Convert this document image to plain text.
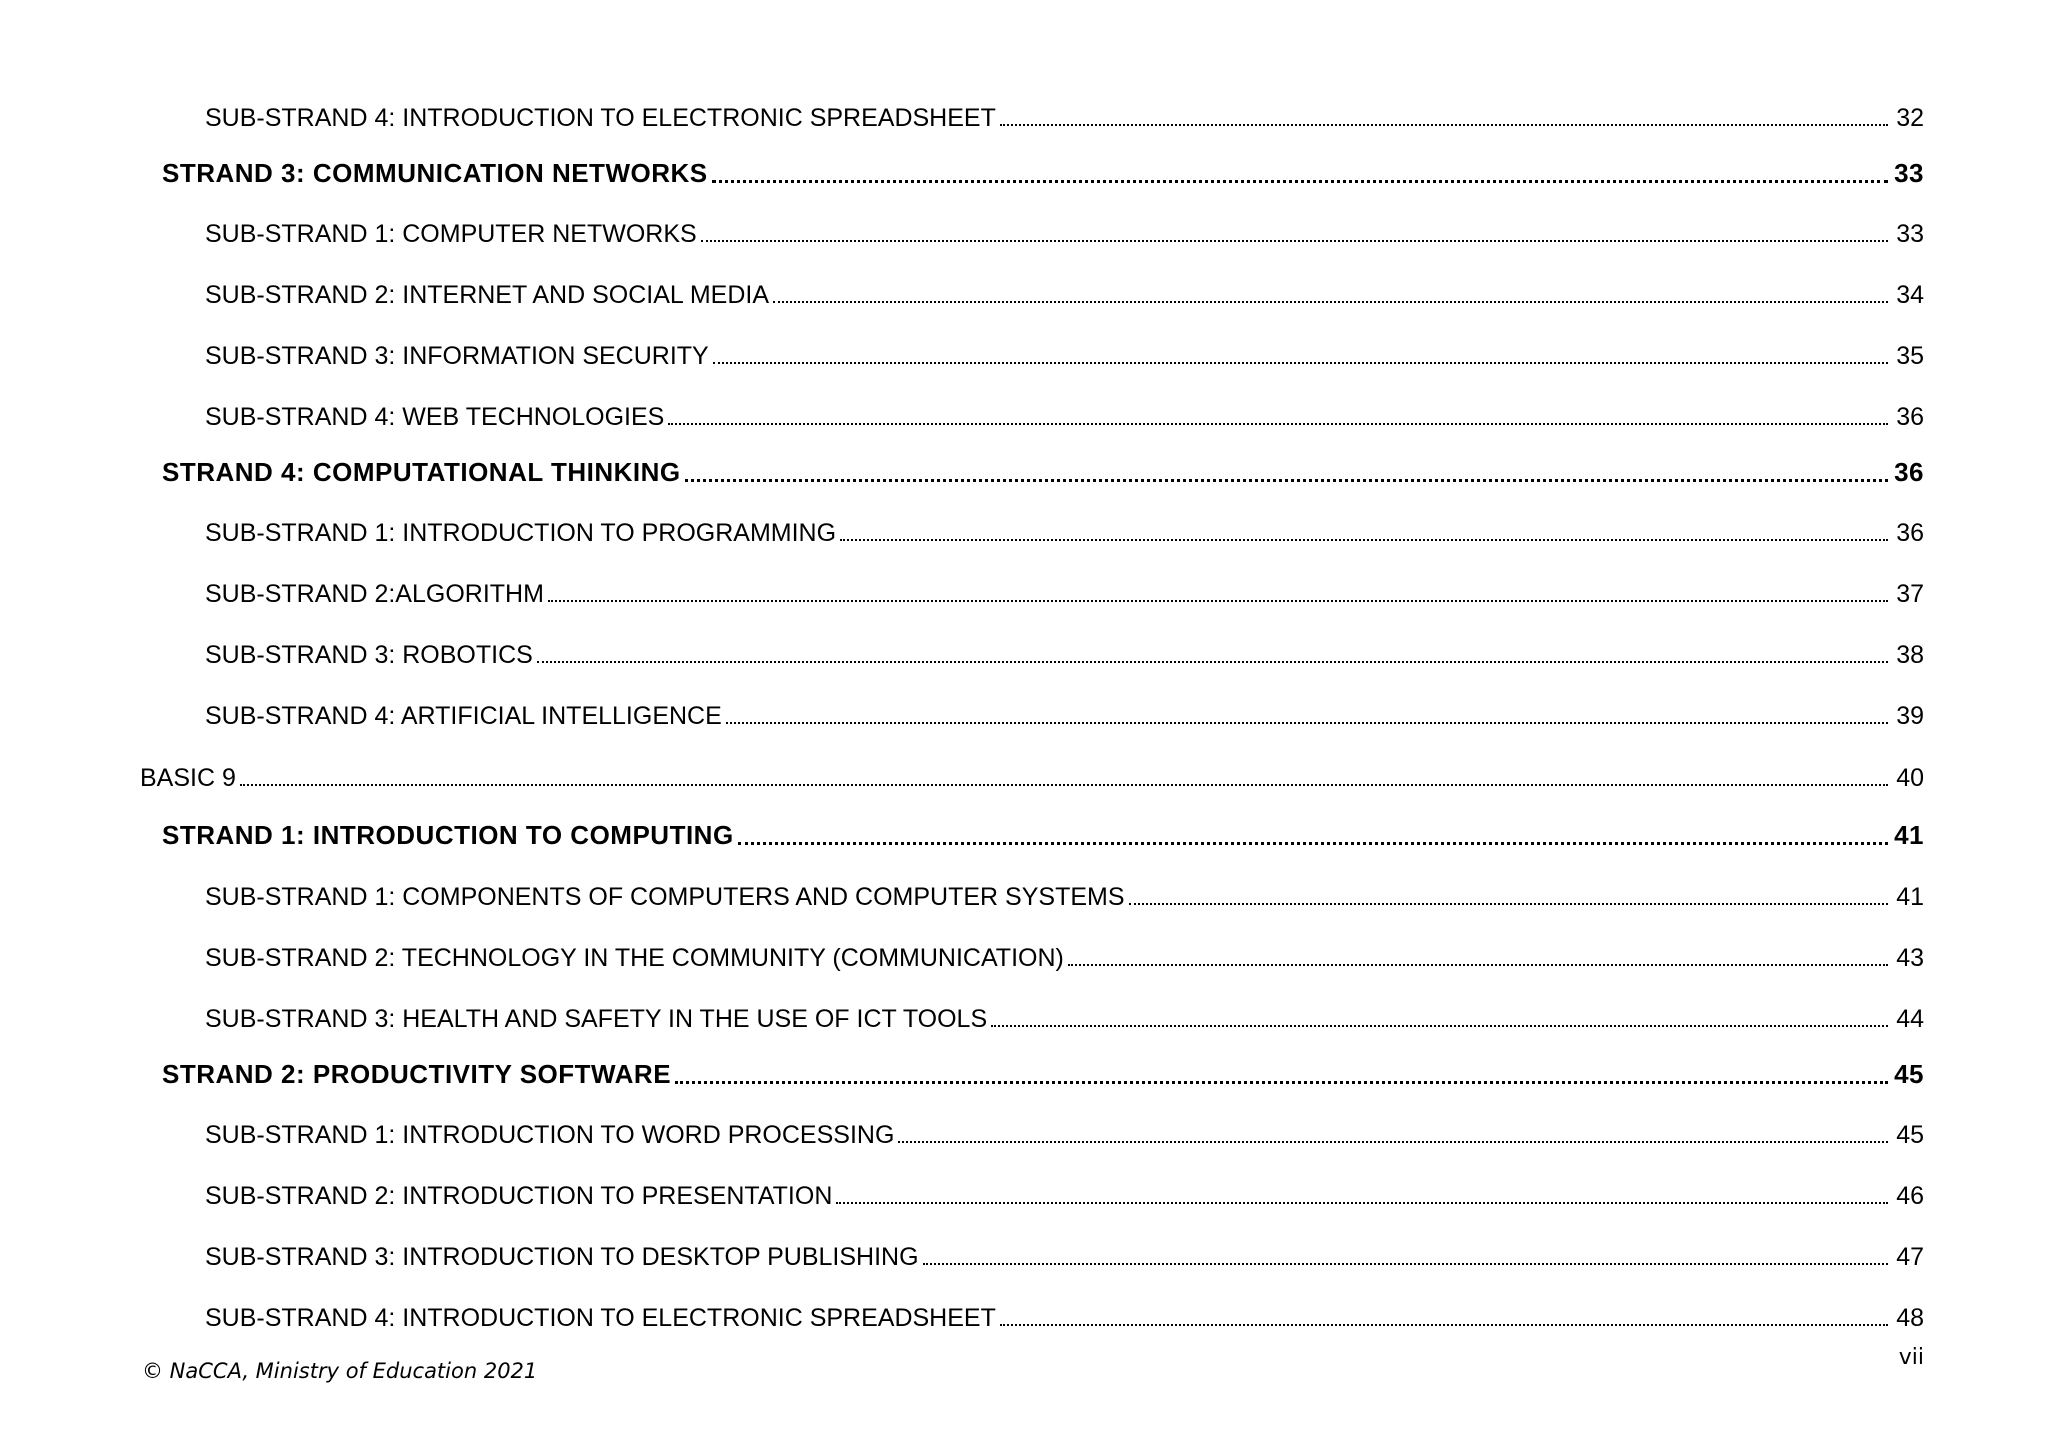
SUB-STRAND 4: INTRODUCTION TO ELECTRONIC SPREADSHEET	32
STRAND 3: COMMUNICATION NETWORKS	33
SUB-STRAND 1: COMPUTER NETWORKS	33
SUB-STRAND 2: INTERNET AND SOCIAL MEDIA	34
SUB-STRAND 3: INFORMATION SECURITY	35
SUB-STRAND 4: WEB TECHNOLOGIES	36
STRAND 4: COMPUTATIONAL THINKING	36
SUB-STRAND 1: INTRODUCTION TO PROGRAMMING	36
SUB-STRAND 2:ALGORITHM	37
SUB-STRAND 3: ROBOTICS	38
SUB-STRAND 4: ARTIFICIAL INTELLIGENCE	39
BASIC 9	40
STRAND 1: INTRODUCTION TO COMPUTING	41
SUB-STRAND 1: COMPONENTS OF COMPUTERS AND COMPUTER SYSTEMS	41
SUB-STRAND 2: TECHNOLOGY IN THE COMMUNITY (COMMUNICATION)	43
SUB-STRAND 3: HEALTH AND SAFETY IN THE USE OF ICT TOOLS	44
STRAND 2: PRODUCTIVITY SOFTWARE	45
SUB-STRAND 1: INTRODUCTION TO WORD PROCESSING	45
SUB-STRAND 2: INTRODUCTION TO PRESENTATION	46
SUB-STRAND 3: INTRODUCTION TO DESKTOP PUBLISHING	47
SUB-STRAND 4: INTRODUCTION TO ELECTRONIC SPREADSHEET	48
© NaCCA, Ministry of Education 2021
vii
